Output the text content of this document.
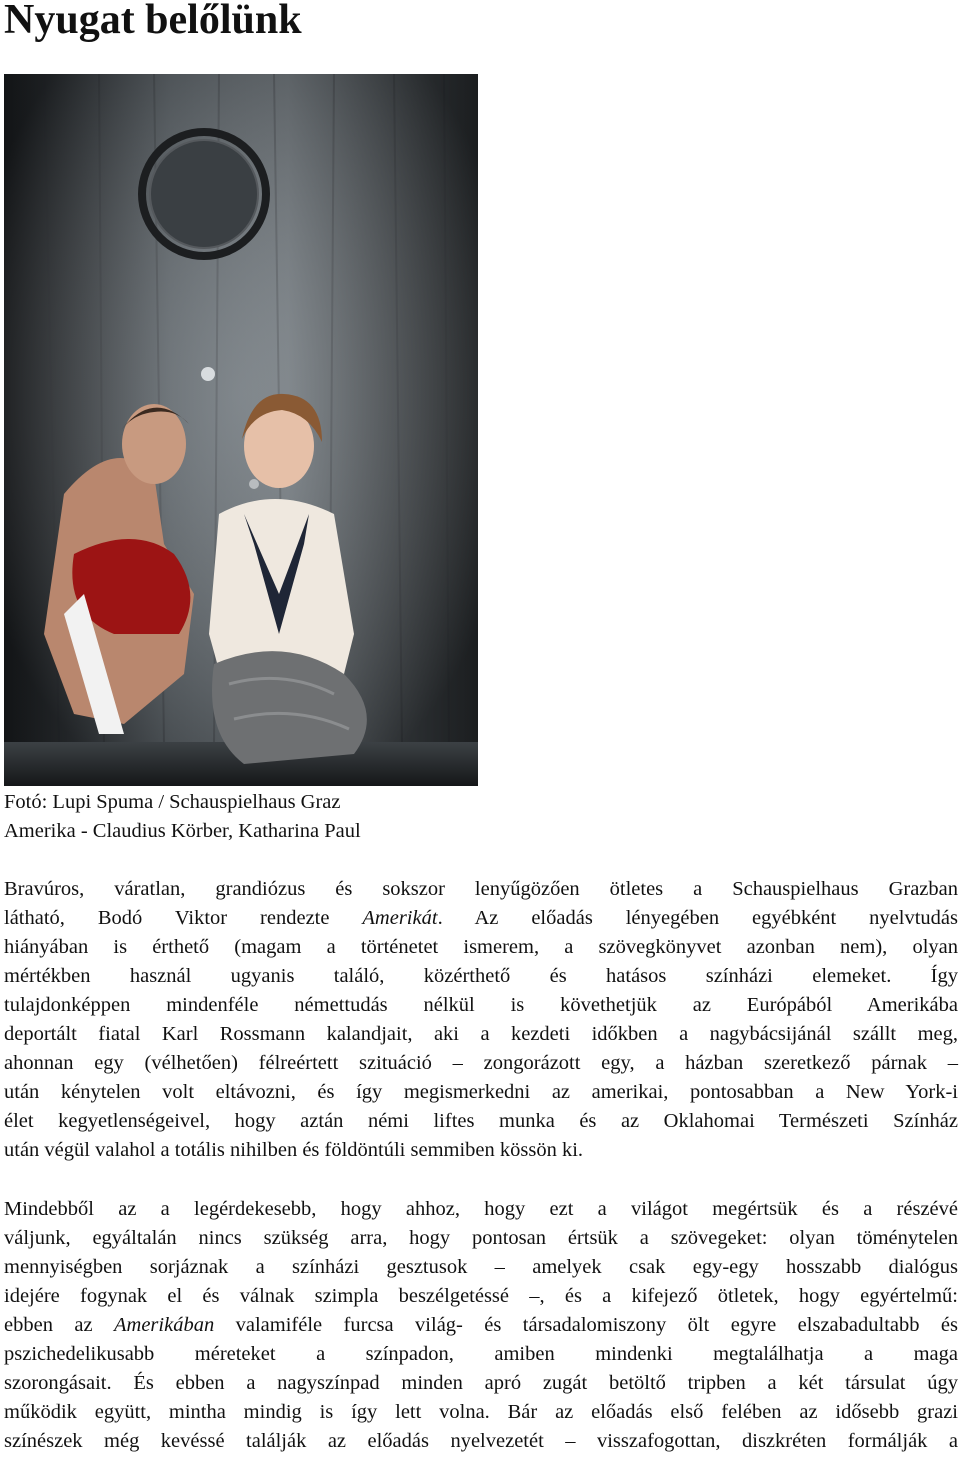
Nyugat belőlünk
Fotó: Lupi Spuma / Schauspielhaus Graz
Amerika - Claudius Körber, Katharina Paul

Bravúros, váratlan, grandiózus és sokszor lenyűgözően ötletes a Schauspielhaus Grazban
látható, Bodó Viktor rendezte Amerikát. Az előadás lényegében egyébként nyelvtudás
hiányában is érthető (magam a történetet ismerem, a szövegkönyvet azonban nem), olyan
mértékben használ ugyanis találó, közérthető és hatásos színházi elemeket. Így
tulajdonképpen mindenféle némettudás nélkül is követhetjük az Európából Amerikába
deportált fiatal Karl Rossmann kalandjait, aki a kezdeti időkben a nagybácsijánál szállt meg,
ahonnan egy (vélhetően) félreértett szituáció – zongorázott egy, a házban szeretkező párnak –
után kénytelen volt eltávozni, és így megismerkedni az amerikai, pontosabban a New York-i
élet kegyetlenségeivel, hogy aztán némi liftes munka és az Oklahomai Természeti Színház
után végül valahol a totális nihilben és földöntúli semmiben kössön ki.

Mindebből az a legérdekesebb, hogy ahhoz, hogy ezt a világot megértsük és a részévé
váljunk, egyáltalán nincs szükség arra, hogy pontosan értsük a szövegeket: olyan töménytelen
mennyiségben sorjáznak a színházi gesztusok – amelyek csak egy-egy hosszabb dialógus
idejére fogynak el és válnak szimpla beszélgetéssé –, és a kifejező ötletek, hogy egyértelmű:
ebben az Amerikában valamiféle furcsa világ- és társadalomiszony ölt egyre elszabadultabb és
pszichedelikusabb méreteket a színpadon, amiben mindenki megtalálhatja a maga
szorongásait. És ebben a nagyszínpad minden apró zugát betöltő tripben a két társulat úgy
működik együtt, mintha mindig is így lett volna. Bár az előadás első felében az idősebb grazi
színészek még kevéssé találják az előadás nyelvezetét – visszafogottan, diszkréten formálják a
